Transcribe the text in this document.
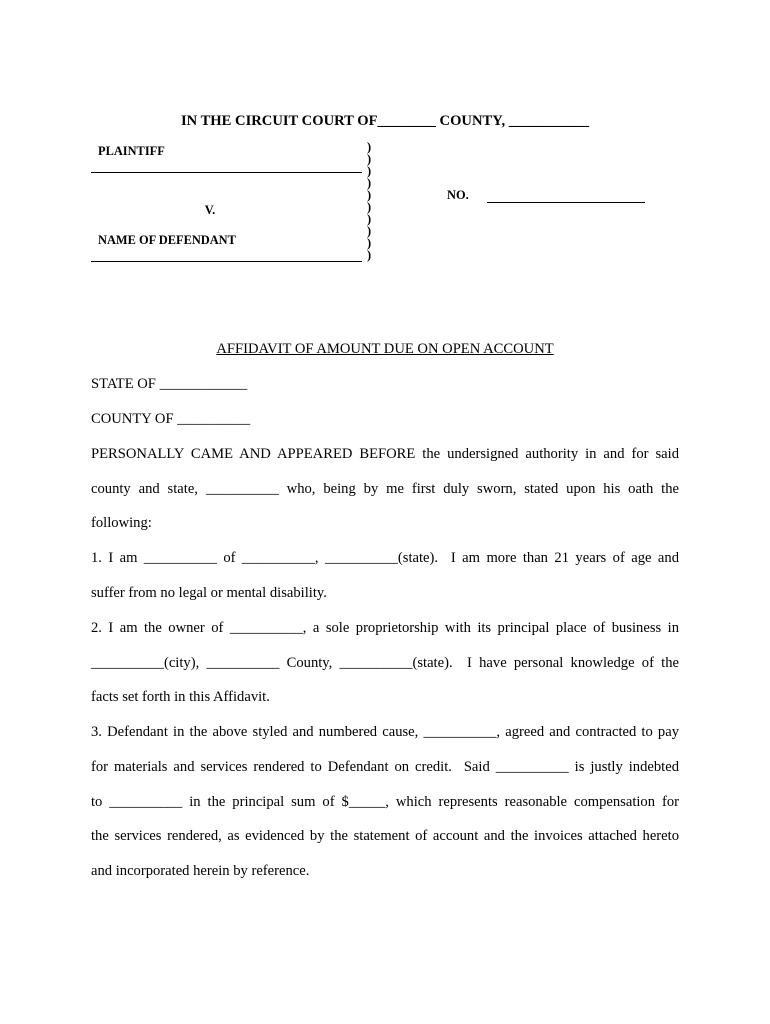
IN THE CIRCUIT COURT OF________ COUNTY, ___________
PLAINTIFF
V.
NAME OF DEFENDANT
)
)
)
)
)
)
)
)
)
)
NO.
AFFIDAVIT OF AMOUNT DUE ON OPEN ACCOUNT
STATE OF ____________
COUNTY OF __________
PERSONALLY CAME AND APPEARED BEFORE the undersigned authority in and for said
county and state, __________ who, being by me first duly sworn, stated upon his oath the
following:
1. I am __________ of __________, __________(state).  I am more than 21 years of age and
suffer from no legal or mental disability.
2. I am the owner of __________, a sole proprietorship with its principal place of business in
__________(city), __________ County, __________(state).  I have personal knowledge of the
facts set forth in this Affidavit.
3. Defendant in the above styled and numbered cause, __________, agreed and contracted to pay
for materials and services rendered to Defendant on credit.  Said __________ is justly indebted
to __________ in the principal sum of $_____, which represents reasonable compensation for
the services rendered, as evidenced by the statement of account and the invoices attached hereto
and incorporated herein by reference.
